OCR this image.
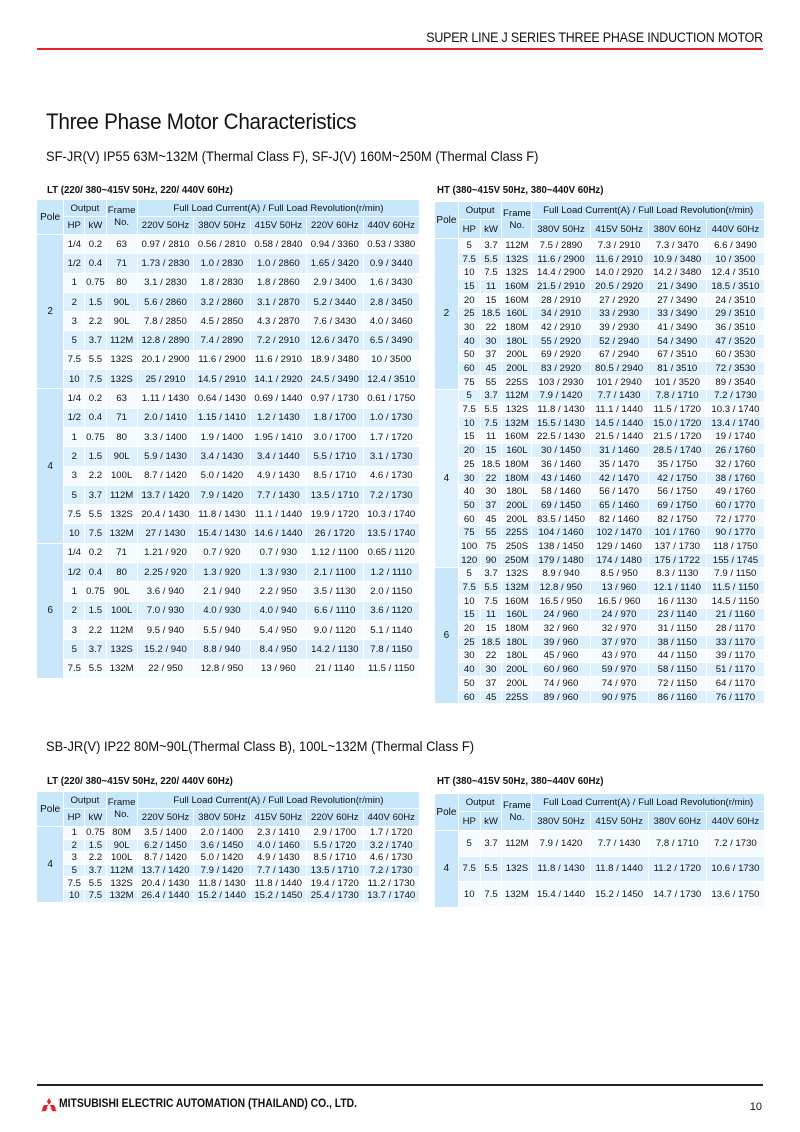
SUPER LINE J SERIES THREE PHASE INDUCTION MOTOR
Three Phase Motor Characteristics
SF-JR(V) IP55 63M~132M (Thermal Class F), SF-J(V) 160M~250M (Thermal Class F)
LT (220/ 380~415V 50Hz, 220/ 440V 60Hz)	HT (380~415V 50Hz, 380~440V 60Hz)
Pole	Output		Frame No.	Full Load Current(A) / Full Load Revolution(r/min)				
	HP	kW		220V 50Hz	380V 50Hz	415V 50Hz	220V 60Hz	440V 60Hz
2	1/4	0.2	63	0.97 / 2810	0.56 / 2810	0.58 / 2840	0.94 / 3360	0.53 / 3380
	1/2	0.4	71	1.73 / 2830	1.0 / 2830	1.0 / 2860	1.65 / 3420	0.9 / 3440
	1	0.75	80	3.1 / 2830	1.8 / 2830	1.8 / 2860	2.9 / 3400	1.6 / 3430
	2	1.5	90L	5.6 / 2860	3.2 / 2860	3.1 / 2870	5.2 / 3440	2.8 / 3450
	3	2.2	90L	7.8 / 2850	4.5 / 2850	4.3 / 2870	7.6 / 3430	4.0 / 3460
	5	3.7	112M	12.8 / 2890	7.4 / 2890	7.2 / 2910	12.6 / 3470	6.5 / 3490
	7.5	5.5	132S	20.1 / 2900	11.6 / 2900	11.6 / 2910	18.9 / 3480	10 / 3500
	10	7.5	132S	25 / 2910	14.5 / 2910	14.1 / 2920	24.5 / 3490	12.4 / 3510
4	1/4	0.2	63	1.11 / 1430	0.64 / 1430	0.69 / 1440	0.97 / 1730	0.61 / 1750
	1/2	0.4	71	2.0 / 1410	1.15 / 1410	1.2 / 1430	1.8 / 1700	1.0 / 1730
	1	0.75	80	3.3 / 1400	1.9 / 1400	1.95 / 1410	3.0 / 1700	1.7 / 1720
	2	1.5	90L	5.9 / 1430	3.4 / 1430	3.4 / 1440	5.5 / 1710	3.1 / 1730
	3	2.2	100L	8.7 / 1420	5.0 / 1420	4.9 / 1430	8.5 / 1710	4.6 / 1730
	5	3.7	112M	13.7 / 1420	7.9 / 1420	7.7 / 1430	13.5 / 1710	7.2 / 1730
	7.5	5.5	132S	20.4 / 1430	11.8 / 1430	11.1 / 1440	19.9 / 1720	10.3 / 1740
	10	7.5	132M	27 / 1430	15.4 / 1430	14.6 / 1440	26 / 1720	13.5 / 1740
6	1/4	0.2	71	1.21 / 920	0.7 / 920	0.7 / 930	1.12 / 1100	0.65 / 1120
	1/2	0.4	80	2.25 / 920	1.3 / 920	1.3 / 930	2.1 / 1100	1.2 / 1110
	1	0.75	90L	3.6 / 940	2.1 / 940	2.2 / 950	3.5 / 1130	2.0 / 1150
	2	1.5	100L	7.0 / 930	4.0 / 930	4.0 / 940	6.6 / 1110	3.6 / 1120
	3	2.2	112M	9.5 / 940	5.5 / 940	5.4 / 950	9.0 / 1120	5.1 / 1140
	5	3.7	132S	15.2 / 940	8.8 / 940	8.4 / 950	14.2 / 1130	7.8 / 1150
	7.5	5.5	132M	22 / 950	12.8 / 950	13 / 960	21 / 1140	11.5 / 1150
Pole	Output		Frame No.	Full Load Current(A) / Full Load Revolution(r/min)			
	HP	kW		380V 50Hz	415V 50Hz	380V 60Hz	440V 60Hz
2	5	3.7	112M	7.5 / 2890	7.3 / 2910	7.3 / 3470	6.6 / 3490
	7.5	5.5	132S	11.6 / 2900	11.6 / 2910	10.9 / 3480	10 / 3500
	10	7.5	132S	14.4 / 2900	14.0 / 2920	14.2 / 3480	12.4 / 3510
	15	11	160M	21.5 / 2910	20.5 / 2920	21 / 3490	18.5 / 3510
	20	15	160M	28 / 2910	27 / 2920	27 / 3490	24 / 3510
	25	18.5	160L	34 / 2910	33 / 2930	33 / 3490	29 / 3510
	30	22	180M	42 / 2910	39 / 2930	41 / 3490	36 / 3510
	40	30	180L	55 / 2920	52 / 2940	54 / 3490	47 / 3520
	50	37	200L	69 / 2920	67 / 2940	67 / 3510	60 / 3530
	60	45	200L	83 / 2920	80.5 / 2940	81 / 3510	72 / 3530
	75	55	225S	103 / 2930	101 / 2940	101 / 3520	89 / 3540
4	5	3.7	112M	7.9 / 1420	7.7 / 1430	7.8 / 1710	7.2 / 1730
	7.5	5.5	132S	11.8 / 1430	11.1 / 1440	11.5 / 1720	10.3 / 1740
	10	7.5	132M	15.5 / 1430	14.5 / 1440	15.0 / 1720	13.4 / 1740
	15	11	160M	22.5 / 1430	21.5 / 1440	21.5 / 1720	19 / 1740
	20	15	160L	30 / 1450	31 / 1460	28.5 / 1740	26 / 1760
	25	18.5	180M	36 / 1460	35 / 1470	35 / 1750	32 / 1760
	30	22	180M	43 / 1460	42 / 1470	42 / 1750	38 / 1760
	40	30	180L	58 / 1460	56 / 1470	56 / 1750	49 / 1760
	50	37	200L	69 / 1450	65 / 1460	69 / 1750	60 / 1770
	60	45	200L	83.5 / 1450	82 / 1460	82 / 1750	72 / 1770
	75	55	225S	104 / 1460	102 / 1470	101 / 1760	90 / 1770
	100	75	250S	138 / 1450	129 / 1460	137 / 1730	118 / 1750
	120	90	250M	179 / 1480	174 / 1480	175 / 1722	155 / 1745
6	5	3.7	132S	8.9 / 940	8.5 / 950	8.3 / 1130	7.9 / 1150
	7.5	5.5	132M	12.8 / 950	13 / 960	12.1 / 1140	11.5 / 1150
	10	7.5	160M	16.5 / 950	16.5 / 960	16 / 1130	14.5 / 1150
	15	11	160L	24 / 960	24 / 970	23 / 1140	21 / 1160
	20	15	180M	32 / 960	32 / 970	31 / 1150	28 / 1170
	25	18.5	180L	39 / 960	37 / 970	38 / 1150	33 / 1170
	30	22	180L	45 / 960	43 / 970	44 / 1150	39 / 1170
	40	30	200L	60 / 960	59 / 970	58 / 1150	51 / 1170
	50	37	200L	74 / 960	74 / 970	72 / 1150	64 / 1170
	60	45	225S	89 / 960	90 / 975	86 / 1160	76 / 1170
SB-JR(V) IP22 80M~90L(Thermal Class B), 100L~132M (Thermal Class F)
LT (220/ 380~415V 50Hz, 220/ 440V 60Hz)	HT (380~415V 50Hz, 380~440V 60Hz)
Pole	Output		Frame No.	Full Load Current(A) / Full Load Revolution(r/min)				
	HP	kW		220V 50Hz	380V 50Hz	415V 50Hz	220V 60Hz	440V 60Hz
4	1	0.75	80M	3.5 / 1400	2.0 / 1400	2.3 / 1410	2.9 / 1700	1.7 / 1720
	2	1.5	90L	6.2 / 1450	3.6 / 1450	4.0 / 1460	5.5 / 1720	3.2 / 1740
	3	2.2	100L	8.7 / 1420	5.0 / 1420	4.9 / 1430	8.5 / 1710	4.6 / 1730
	5	3.7	112M	13.7 / 1420	7.9 / 1420	7.7 / 1430	13.5 / 1710	7.2 / 1730
	7.5	5.5	132S	20.4 / 1430	11.8 / 1430	11.8 / 1440	19.4 / 1720	11.2 / 1730
	10	7.5	132M	26.4 / 1440	15.2 / 1440	15.2 / 1450	25.4 / 1730	13.7 / 1740
Pole	Output		Frame No.	Full Load Current(A) / Full Load Revolution(r/min)			
	HP	kW		380V 50Hz	415V 50Hz	380V 60Hz	440V 60Hz
4	5	3.7	112M	7.9 / 1420	7.7 / 1430	7.8 / 1710	7.2 / 1730
	7.5	5.5	132S	11.8 / 1430	11.8 / 1440	11.2 / 1720	10.6 / 1730
	10	7.5	132M	15.4 / 1440	15.2 / 1450	14.7 / 1730	13.6 / 1750
MITSUBISHI ELECTRIC AUTOMATION (THAILAND) CO., LTD.	10
